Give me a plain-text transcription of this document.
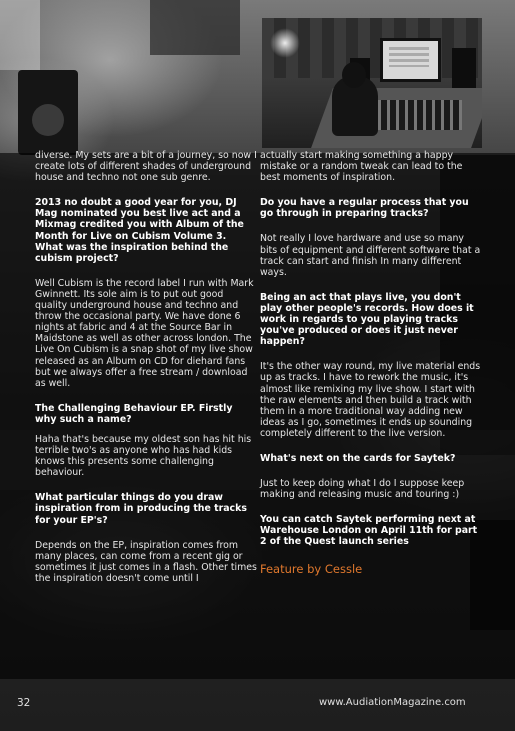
diverse. My sets are a bit of a journey, so now I create lots of different shades of underground house and techno not one sub genre.

2013 no doubt a good year for you, DJ Mag nominated you best live act and a Mixmag credited you with Album of the Month for Live on Cubism Volume 3. What was the inspiration behind the cubism project?

Well Cubism is the record label I run with Mark Gwinnett. Its sole aim is to put out good quality underground house and techno and throw the occasional party. We have done 6 nights at fabric and 4 at the Source Bar in Maidstone as well as other across london. The Live On Cubism is a snap shot of my live show released as an Album on CD for diehard fans but we always offer a free stream / download as well.

The Challenging Behaviour EP. Firstly why such a name?

Haha that's because my oldest son has hit his terrible two's as anyone who has had kids knows this presents some challenging behaviour.

What particular things do you draw inspiration from in producing the tracks for your EP's?

Depends on the EP, inspiration comes from many places, can come from a recent gig or sometimes it just comes in a flash. Other times the inspiration doesn't come until I

actually start making something a happy mistake or a random tweak can lead to the best moments of inspiration.

Do you have a regular process that you go through in preparing tracks?

Not really I love hardware and use so many bits of equipment and different software that a track can start and finish In many different ways.

Being an act that plays live, you don't play other people's records. How does it work in regards to you playing tracks you've produced or does it just never happen?

It's the other way round, my live material ends up as tracks. I have to rework the music, it's almost like remixing my live show. I start with the raw elements and then build a track with them in a more traditional way adding new ideas as I go, sometimes it ends up sounding completely different to the live version.

What's next on the cards for Saytek?

Just to keep doing what I do I suppose keep making and releasing music and touring :)

You can catch Saytek performing next at Warehouse London on April 11th for part 2 of the Quest launch series

Feature by Cessle
32	www.AudiationMagazine.com
